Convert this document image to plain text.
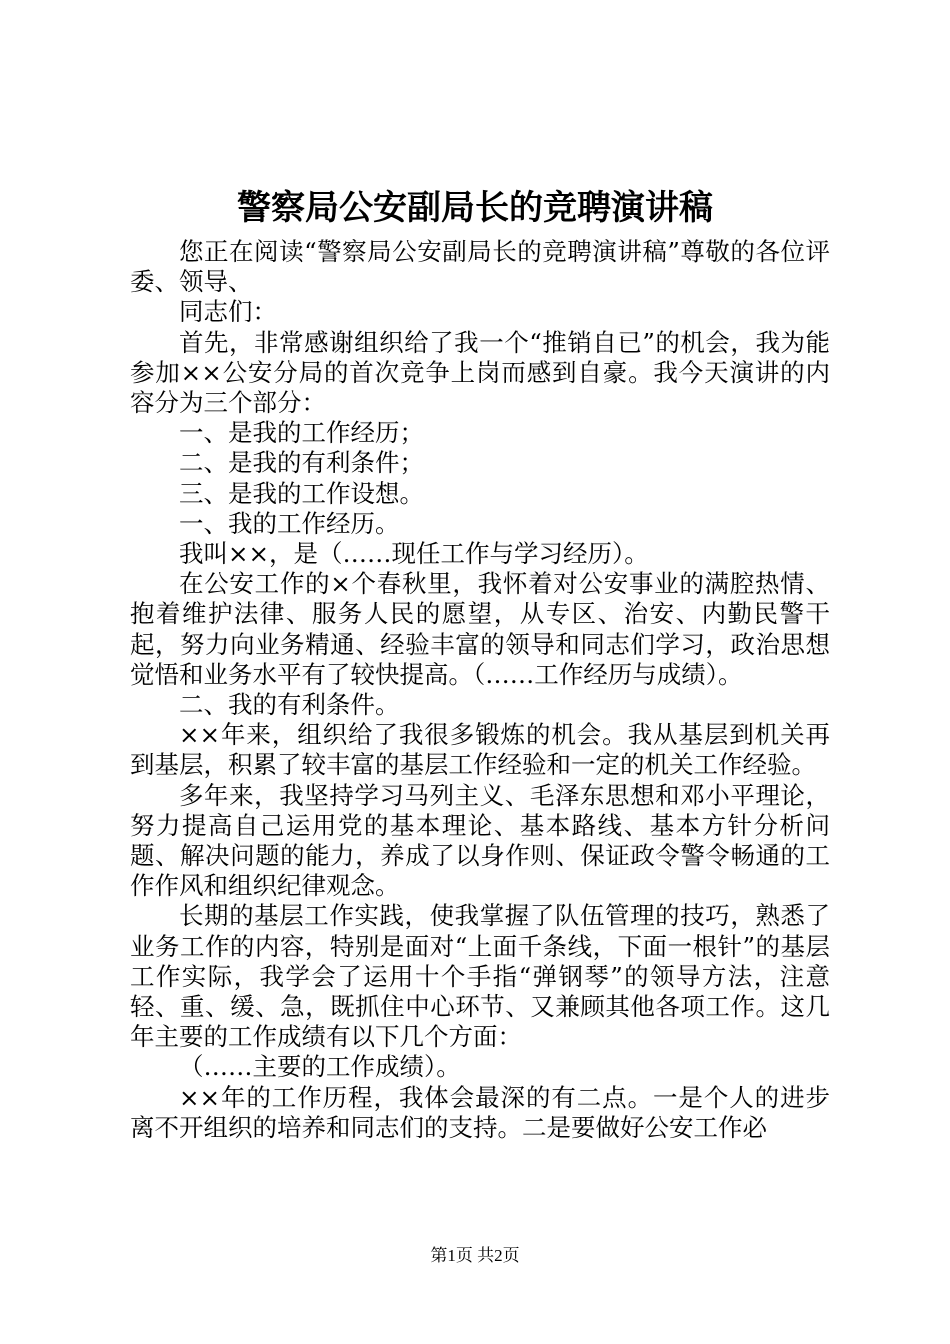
警察局公安副局长的竞聘演讲稿

您正在阅读“警察局公安副局长的竞聘演讲稿”尊敬的各位评委、领导、

同志们：

首先，非常感谢组织给了我一个“推销自已”的机会，我为能参加××公安分局的首次竞争上岗而感到自豪。我今天演讲的内容分为三个部分：

一、是我的工作经历；

二、是我的有利条件；

三、是我的工作设想。

一、我的工作经历。

我叫××，是（……现任工作与学习经历）。

在公安工作的×个春秋里，我怀着对公安事业的满腔热情、抱着维护法律、服务人民的愿望，从专区、治安、内勤民警干起，努力向业务精通、经验丰富的领导和同志们学习，政治思想觉悟和业务水平有了较快提高。（……工作经历与成绩）。

二、我的有利条件。

××年来，组织给了我很多锻炼的机会。我从基层到机关再到基层，积累了较丰富的基层工作经验和一定的机关工作经验。

多年来，我坚持学习马列主义、毛泽东思想和邓小平理论，努力提高自己运用党的基本理论、基本路线、基本方针分析问题、解决问题的能力，养成了以身作则、保证政令警令畅通的工作作风和组织纪律观念。

长期的基层工作实践，使我掌握了队伍管理的技巧，熟悉了业务工作的内容，特别是面对“上面千条线，下面一根针”的基层工作实际，我学会了运用十个手指“弹钢琴”的领导方法，注意轻、重、缓、急，既抓住中心环节、又兼顾其他各项工作。这几年主要的工作成绩有以下几个方面：

（……主要的工作成绩）。

××年的工作历程，我体会最深的有二点。一是个人的进步离不开组织的培养和同志们的支持。二是要做好公安工作必

第1页 共2页
